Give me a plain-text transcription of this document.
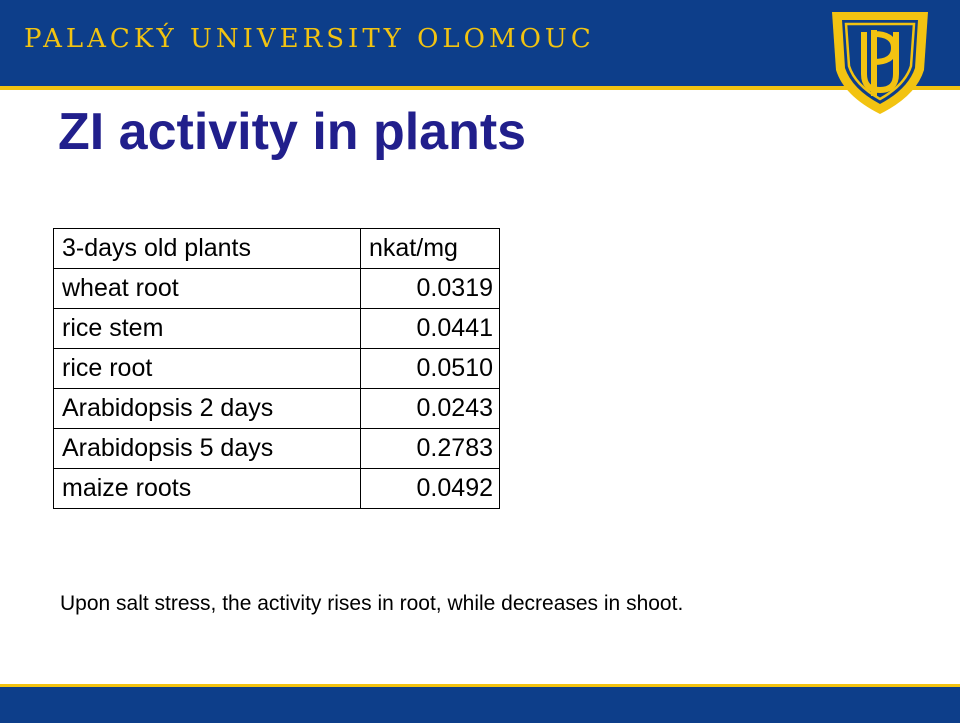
PALACKÝ UNIVERSITY OLOMOUC
ZI activity in plants
3-days old plants	nkat/mg
wheat root	0.0319
rice stem	0.0441
rice root	0.0510
Arabidopsis 2 days	0.0243
Arabidopsis 5 days	0.2783
maize roots	0.0492

Upon salt stress, the activity rises in root, while decreases in shoot.
